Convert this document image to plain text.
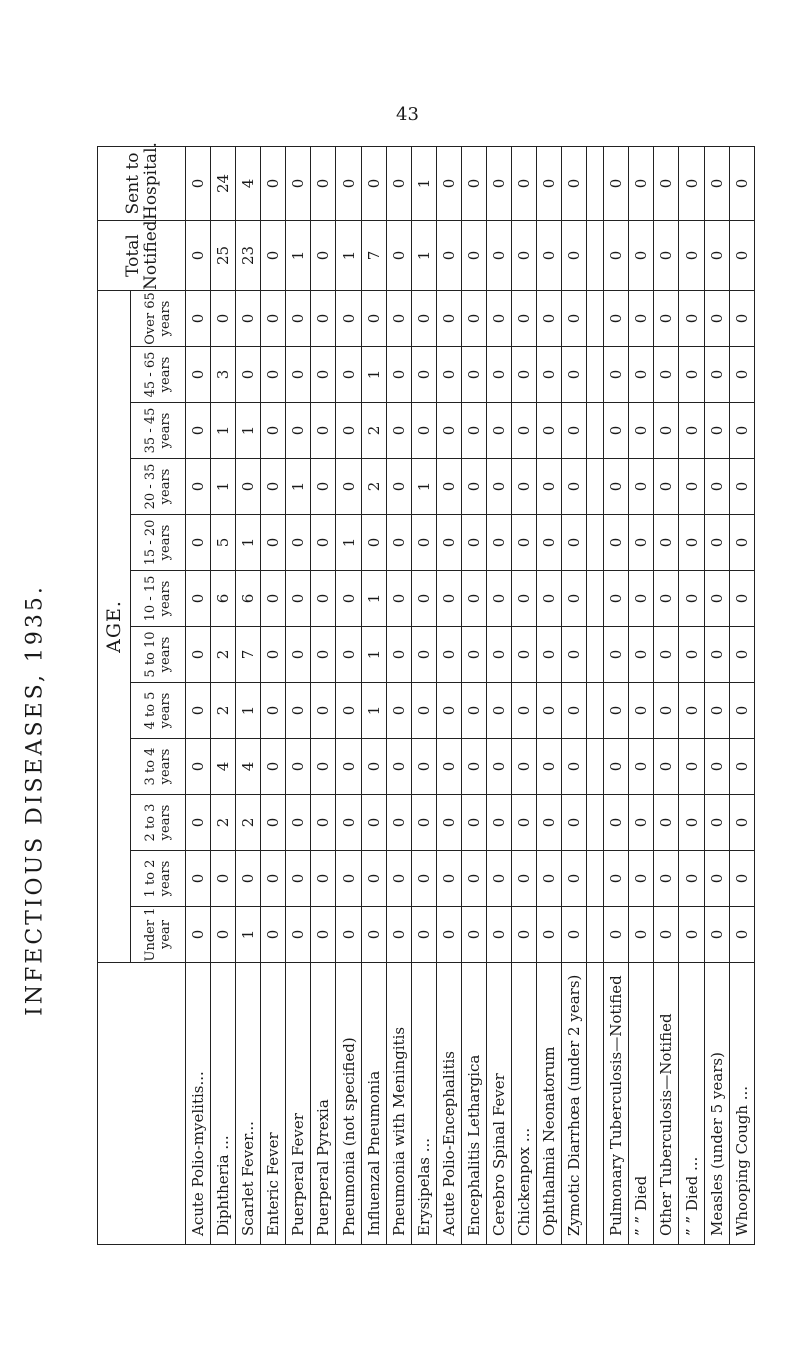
43
INFECTIOUS DISEASES, 1935.
		AGE.												Total Notified	Sent to Hospital.
	Under 1 year	1 to 2 years	2 to 3 years	3 to 4 years	4 to 5 years	5 to 10 years	10 - 15 years	15 - 20 years	20 - 35 years	35 - 45 years	45 - 65 years	Over 65 years		
Acute Polio-myelitis...	0	0	0	0	0	0	0	0	0	0	0	0	0	0
Diphtheria ...	0	0	2	4	2	2	6	5	1	1	3	0	25	24
Scarlet Fever...	1	0	2	4	1	7	6	1	0	1	0	0	23	4
Enteric Fever	0	0	0	0	0	0	0	0	0	0	0	0	0	0
Puerperal Fever	0	0	0	0	0	0	0	0	1	0	0	0	1	0
Puerperal Pyrexia	0	0	0	0	0	0	0	0	0	0	0	0	0	0
Pneumonia (not specified)	0	0	0	0	0	0	0	1	0	0	0	0	1	0
Influenzal Pneumonia	0	0	0	0	1	1	1	0	2	2	1	0	7	0
Pneumonia with Meningitis	0	0	0	0	0	0	0	0	0	0	0	0	0	0
Erysipelas ...	0	0	0	0	0	0	0	0	1	0	0	0	1	1
Acute Polio-Encephalitis	0	0	0	0	0	0	0	0	0	0	0	0	0	0
Encephalitis Lethargica	0	0	0	0	0	0	0	0	0	0	0	0	0	0
Cerebro Spinal Fever	0	0	0	0	0	0	0	0	0	0	0	0	0	0
Chickenpox ...	0	0	0	0	0	0	0	0	0	0	0	0	0	0
Ophthalmia Neonatorum	0	0	0	0	0	0	0	0	0	0	0	0	0	0
Zymotic Diarrhœa (under 2 years)	0	0	0	0	0	0	0	0	0	0	0	0	0	0

Pulmonary Tuberculosis—Notified	0	0	0	0	0	0	0	0	0	0	0	0	0	0
” ” Died	0	0	0	0	0	0	0	0	0	0	0	0	0	0
Other Tuberculosis—Notified	0	0	0	0	0	0	0	0	0	0	0	0	0	0
” ” Died ...	0	0	0	0	0	0	0	0	0	0	0	0	0	0
Measles (under 5 years)	0	0	0	0	0	0	0	0	0	0	0	0	0	0
Whooping Cough ...	0	0	0	0	0	0	0	0	0	0	0	0	0	0
